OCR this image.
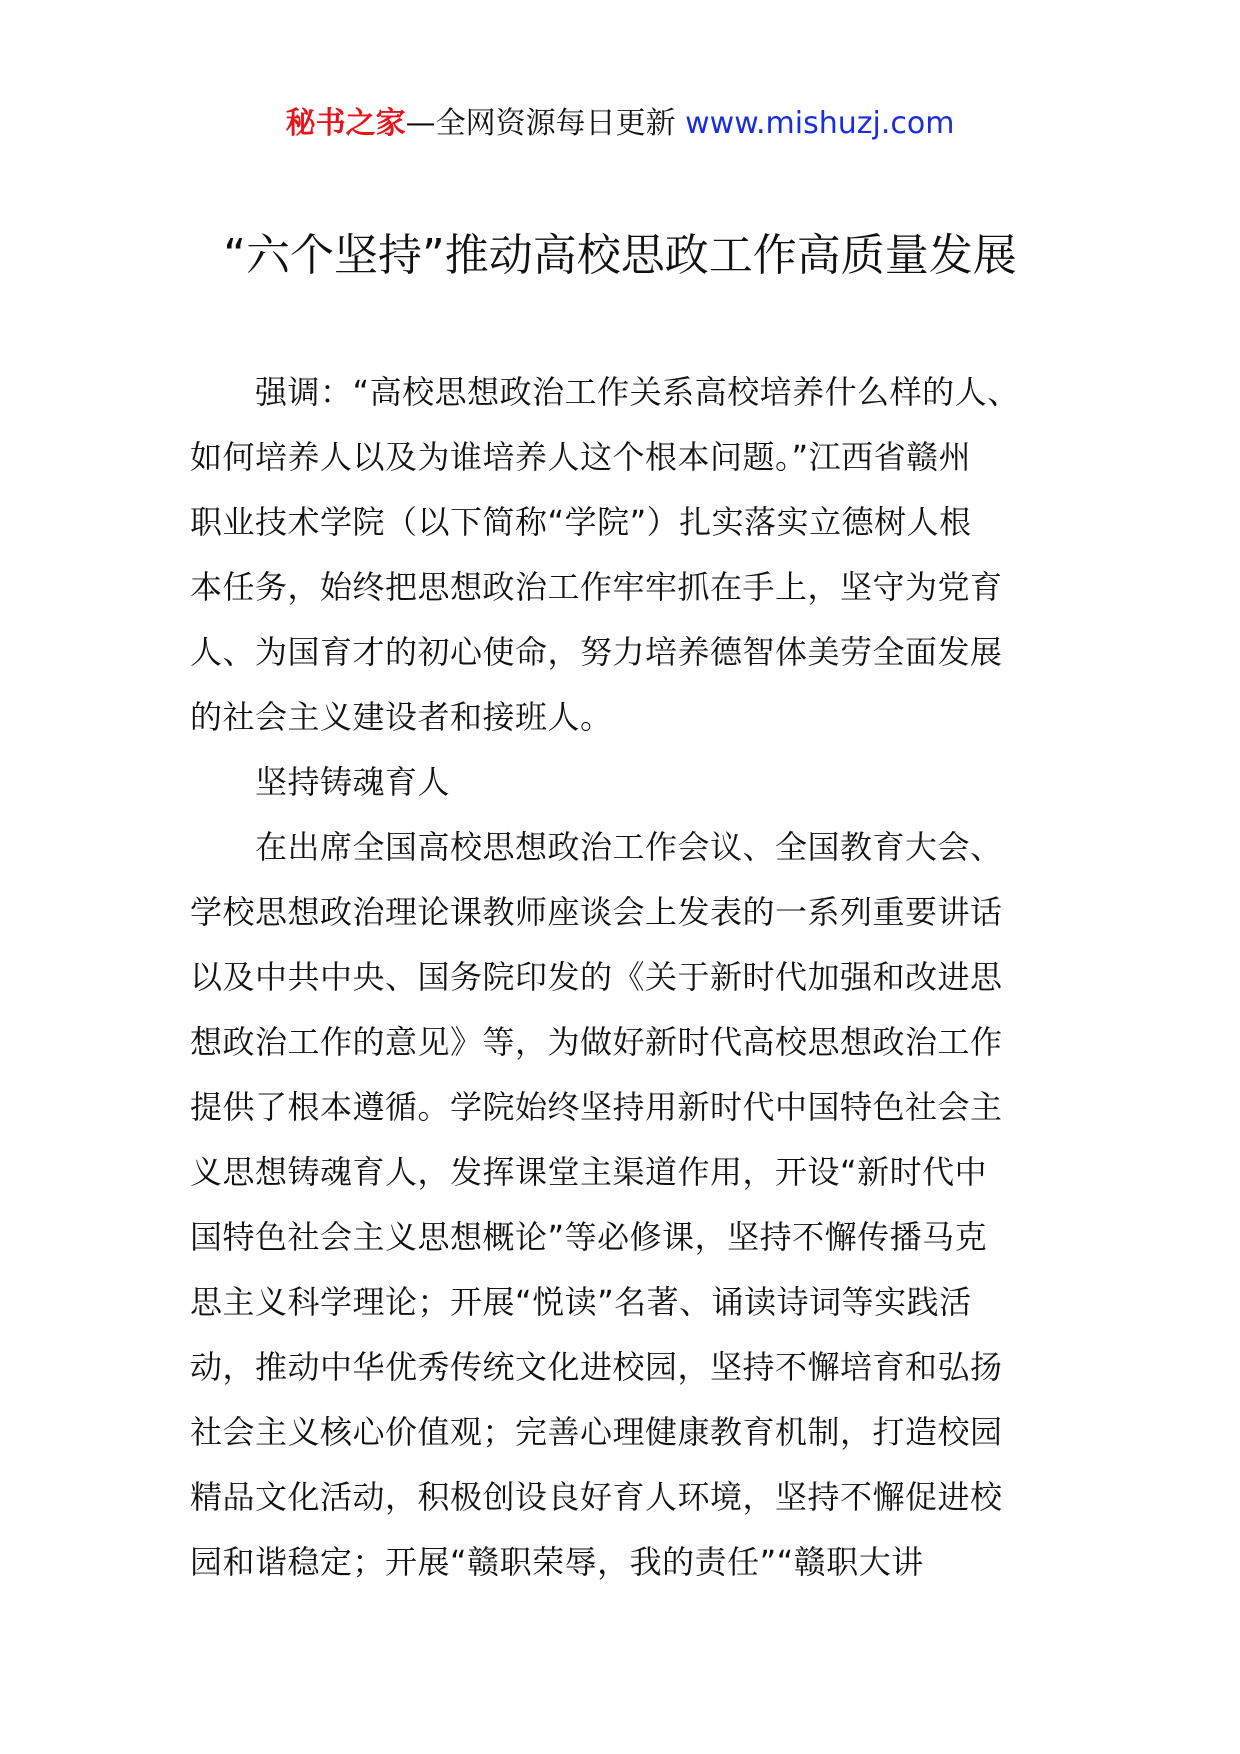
秘书之家—全网资源每日更新 www.mishuzj.com
“六个坚持”推动高校思政工作高质量发展
强调：“高校思想政治工作关系高校培养什么样的人、
如何培养人以及为谁培养人这个根本问题。”江西省赣州
职业技术学院（以下简称“学院”）扎实落实立德树人根
本任务，始终把思想政治工作牢牢抓在手上，坚守为党育
人、为国育才的初心使命，努力培养德智体美劳全面发展
的社会主义建设者和接班人。
坚持铸魂育人
在出席全国高校思想政治工作会议、全国教育大会、
学校思想政治理论课教师座谈会上发表的一系列重要讲话
以及中共中央、国务院印发的《关于新时代加强和改进思
想政治工作的意见》等，为做好新时代高校思想政治工作
提供了根本遵循。学院始终坚持用新时代中国特色社会主
义思想铸魂育人，发挥课堂主渠道作用，开设“新时代中
国特色社会主义思想概论”等必修课，坚持不懈传播马克
思主义科学理论；开展“悦读”名著、诵读诗词等实践活
动，推动中华优秀传统文化进校园，坚持不懈培育和弘扬
社会主义核心价值观；完善心理健康教育机制，打造校园
精品文化活动，积极创设良好育人环境，坚持不懈促进校
园和谐稳定；开展“赣职荣辱，我的责任”“赣职大讲
